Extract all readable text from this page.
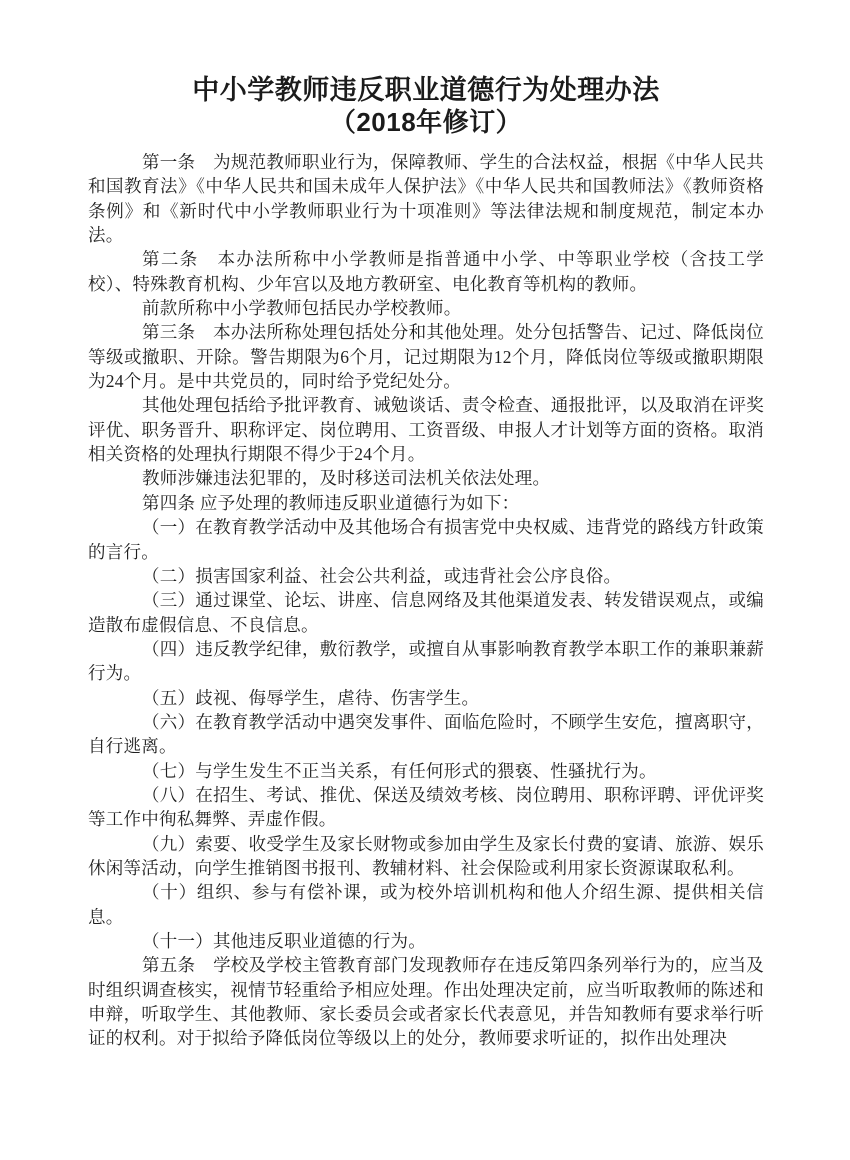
中小学教师违反职业道德行为处理办法
（2018年修订）

第一条　为规范教师职业行为，保障教师、学生的合法权益，根据《中华人民共和国教育法》《中华人民共和国未成年人保护法》《中华人民共和国教师法》《教师资格条例》和《新时代中小学教师职业行为十项准则》等法律法规和制度规范，制定本办法。

第二条　本办法所称中小学教师是指普通中小学、中等职业学校（含技工学校）、特殊教育机构、少年宫以及地方教研室、电化教育等机构的教师。

前款所称中小学教师包括民办学校教师。

第三条　本办法所称处理包括处分和其他处理。处分包括警告、记过、降低岗位等级或撤职、开除。警告期限为6个月，记过期限为12个月，降低岗位等级或撤职期限为24个月。是中共党员的，同时给予党纪处分。

其他处理包括给予批评教育、诫勉谈话、责令检查、通报批评，以及取消在评奖评优、职务晋升、职称评定、岗位聘用、工资晋级、申报人才计划等方面的资格。取消相关资格的处理执行期限不得少于24个月。

教师涉嫌违法犯罪的，及时移送司法机关依法处理。

第四条 应予处理的教师违反职业道德行为如下：

（一）在教育教学活动中及其他场合有损害党中央权威、违背党的路线方针政策的言行。

（二）损害国家利益、社会公共利益，或违背社会公序良俗。

（三）通过课堂、论坛、讲座、信息网络及其他渠道发表、转发错误观点，或编造散布虚假信息、不良信息。

（四）违反教学纪律，敷衍教学，或擅自从事影响教育教学本职工作的兼职兼薪行为。

（五）歧视、侮辱学生，虐待、伤害学生。

（六）在教育教学活动中遇突发事件、面临危险时，不顾学生安危，擅离职守，自行逃离。

（七）与学生发生不正当关系，有任何形式的猥亵、性骚扰行为。

（八）在招生、考试、推优、保送及绩效考核、岗位聘用、职称评聘、评优评奖等工作中徇私舞弊、弄虚作假。

（九）索要、收受学生及家长财物或参加由学生及家长付费的宴请、旅游、娱乐休闲等活动，向学生推销图书报刊、教辅材料、社会保险或利用家长资源谋取私利。

（十）组织、参与有偿补课，或为校外培训机构和他人介绍生源、提供相关信息。

（十一）其他违反职业道德的行为。

第五条　学校及学校主管教育部门发现教师存在违反第四条列举行为的，应当及时组织调查核实，视情节轻重给予相应处理。作出处理决定前，应当听取教师的陈述和申辩，听取学生、其他教师、家长委员会或者家长代表意见，并告知教师有要求举行听证的权利。对于拟给予降低岗位等级以上的处分，教师要求听证的，拟作出处理决
